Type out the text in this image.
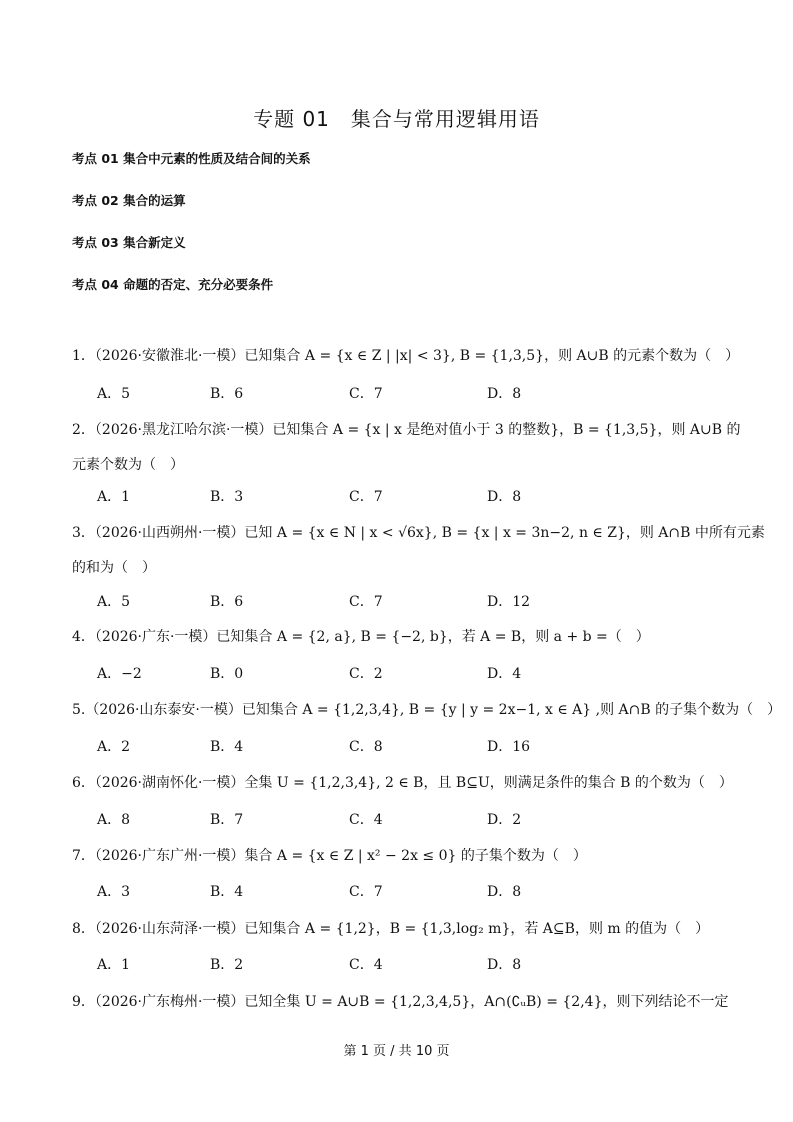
专题 01　集合与常用逻辑用语
考点 01 集合中元素的性质及结合间的关系
考点 02 集合的运算
考点 03 集合新定义
考点 04 命题的否定、充分必要条件
1．（2026·安徽淮北·一模）已知集合 A = {x ∈ Z | |x| < 3}, B = {1,3,5}，则 A∪B 的元素个数为（　）
A．5	B．6	C．7	D．8
2．（2026·黑龙江哈尔滨·一模）已知集合 A = {x | x 是绝对值小于 3 的整数}，B = {1,3,5}，则 A∪B 的
元素个数为（　）
A．1	B．3	C．7	D．8
3．（2026·山西朔州·一模）已知 A = {x ∈ N | x < √6x}, B = {x | x = 3n−2, n ∈ Z}，则 A∩B 中所有元素
的和为（　）
A．5	B．6	C．7	D．12
4．（2026·广东·一模）已知集合 A = {2, a}, B = {−2, b}，若 A = B，则 a + b =（　）
A．−2	B．0	C．2	D．4
5.（2026·山东泰安·一模）已知集合 A = {1,2,3,4}, B = {y | y = 2x−1, x ∈ A} ,则 A∩B 的子集个数为（　）
A．2	B．4	C．8	D．16
6．（2026·湖南怀化·一模）全集 U = {1,2,3,4}, 2 ∈ B，且 B⊆U，则满足条件的集合 B 的个数为（　）
A．8	B．7	C．4	D．2
7．（2026·广东广州·一模）集合 A = {x ∈ Z | x² − 2x ≤ 0} 的子集个数为（　）
A．3	B．4	C．7	D．8
8．（2026·山东菏泽·一模）已知集合 A = {1,2}，B = {1,3,log₂ m}，若 A⊆B，则 m 的值为（　）
A．1	B．2	C．4	D．8
9．（2026·广东梅州·一模）已知全集 U = A∪B = {1,2,3,4,5}，A∩(∁ᵤB) = {2,4}，则下列结论不一定
第 1 页 / 共 10 页
